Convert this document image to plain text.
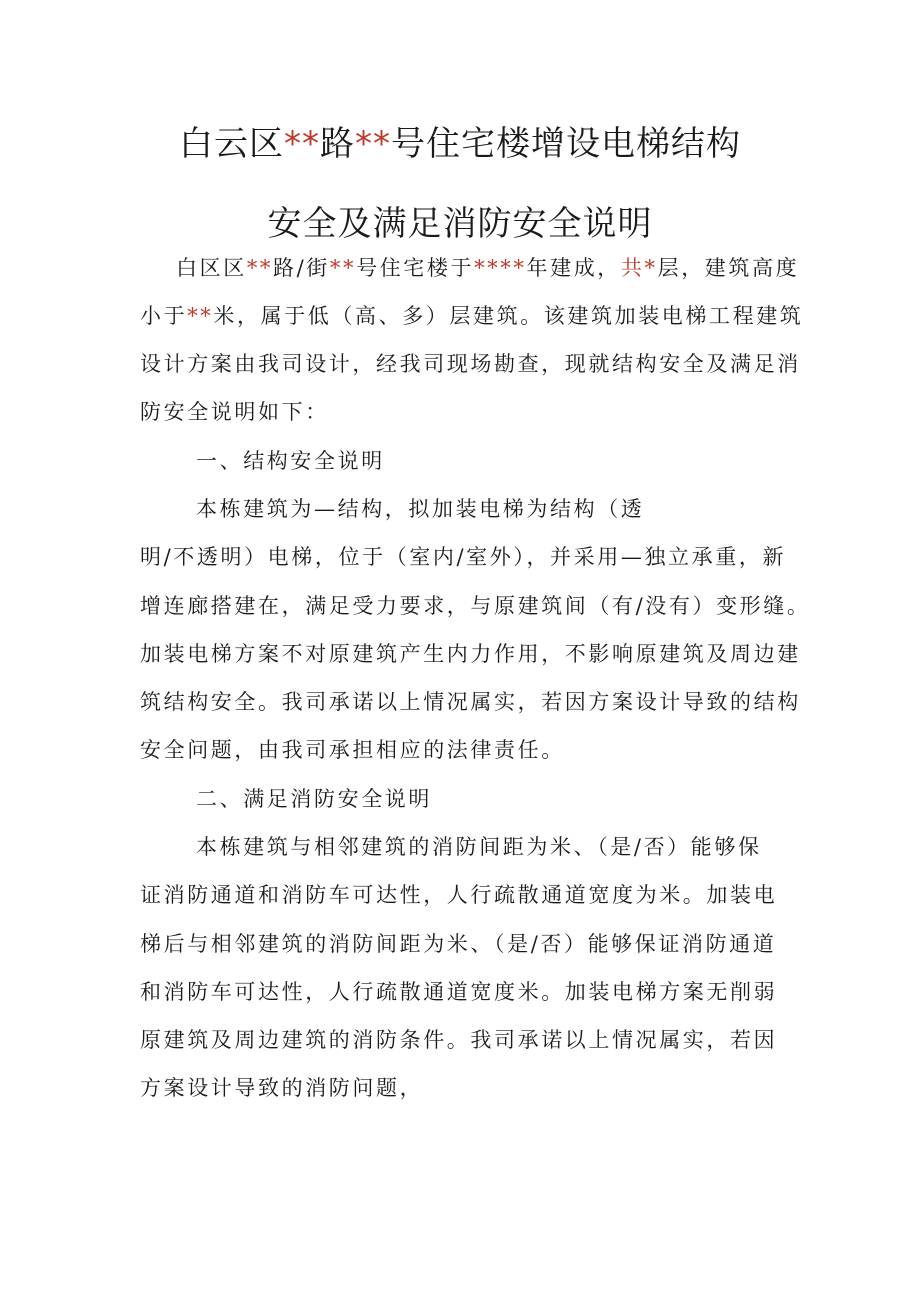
白云区**路**号住宅楼增设电梯结构
安全及满足消防安全说明
白区区**路/街**号住宅楼于****年建成，共*层，建筑高度
小于**米，属于低（高、多）层建筑。该建筑加装电梯工程建筑
设计方案由我司设计，经我司现场勘查，现就结构安全及满足消
防安全说明如下：
一、结构安全说明
本栋建筑为—结构，拟加装电梯为结构（透
明/不透明）电梯，位于（室内/室外），并采用—独立承重，新
增连廊搭建在，满足受力要求，与原建筑间（有/没有）变形缝。
加装电梯方案不对原建筑产生内力作用，不影响原建筑及周边建
筑结构安全。我司承诺以上情况属实，若因方案设计导致的结构
安全问题，由我司承担相应的法律责任。
二、满足消防安全说明
本栋建筑与相邻建筑的消防间距为米、（是/否）能够保
证消防通道和消防车可达性，人行疏散通道宽度为米。加装电
梯后与相邻建筑的消防间距为米、（是/否）能够保证消防通道
和消防车可达性，人行疏散通道宽度米。加装电梯方案无削弱
原建筑及周边建筑的消防条件。我司承诺以上情况属实，若因
方案设计导致的消防问题，
